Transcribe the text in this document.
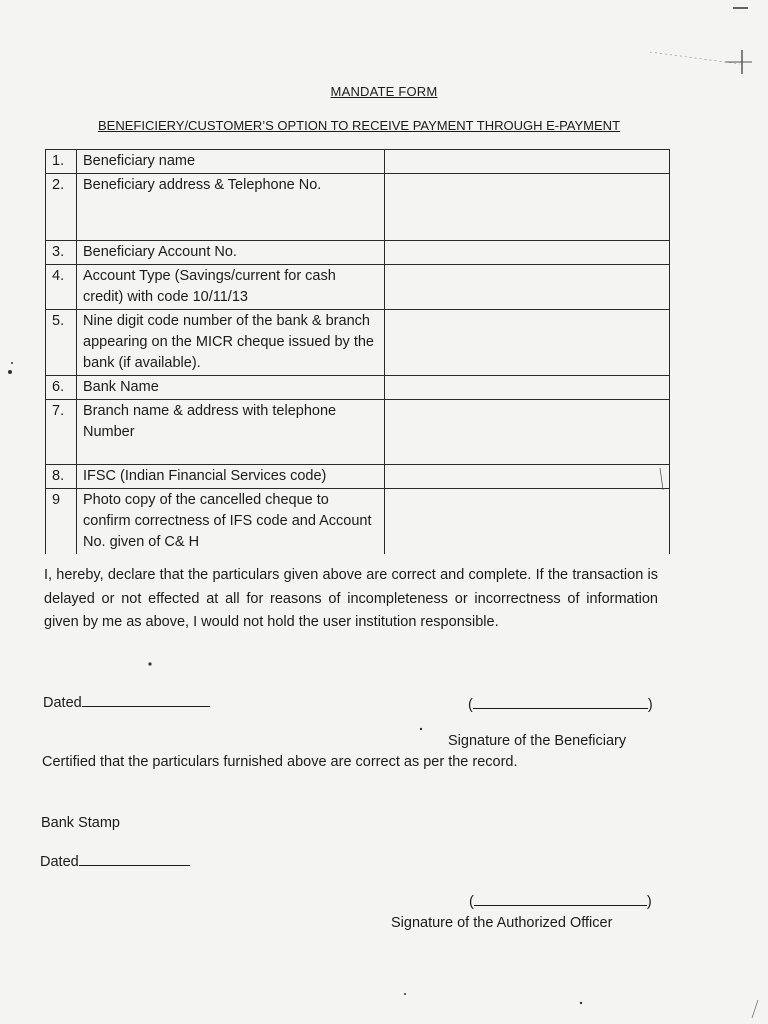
MANDATE FORM
BENEFICIERY/CUSTOMER’S OPTION TO RECEIVE PAYMENT THROUGH E-PAYMENT
1.	Beneficiary name	
2.	Beneficiary address & Telephone No.	
3.	Beneficiary Account No.	
4.	Account Type (Savings/current for cash credit) with code 10/11/13	
5.	Nine digit code number of the bank & branch appearing on the MICR cheque issued by the bank (if available).	
6.	Bank Name	
7.	Branch name & address with telephone Number	
8.	IFSC (Indian Financial Services code)	
9	Photo copy of the cancelled cheque to confirm correctness of IFS code and Account No. given of C& H	
I, hereby, declare that the particulars given above are correct and complete. If the transaction is delayed or not effected at all for reasons of incompleteness or incorrectness of information given by me as above, I would not hold the user institution responsible.
Dated	(	)
Signature of the Beneficiary
Certified that the particulars furnished above are correct as per the record.
Bank Stamp
Dated
(	)
Signature of the Authorized Officer
